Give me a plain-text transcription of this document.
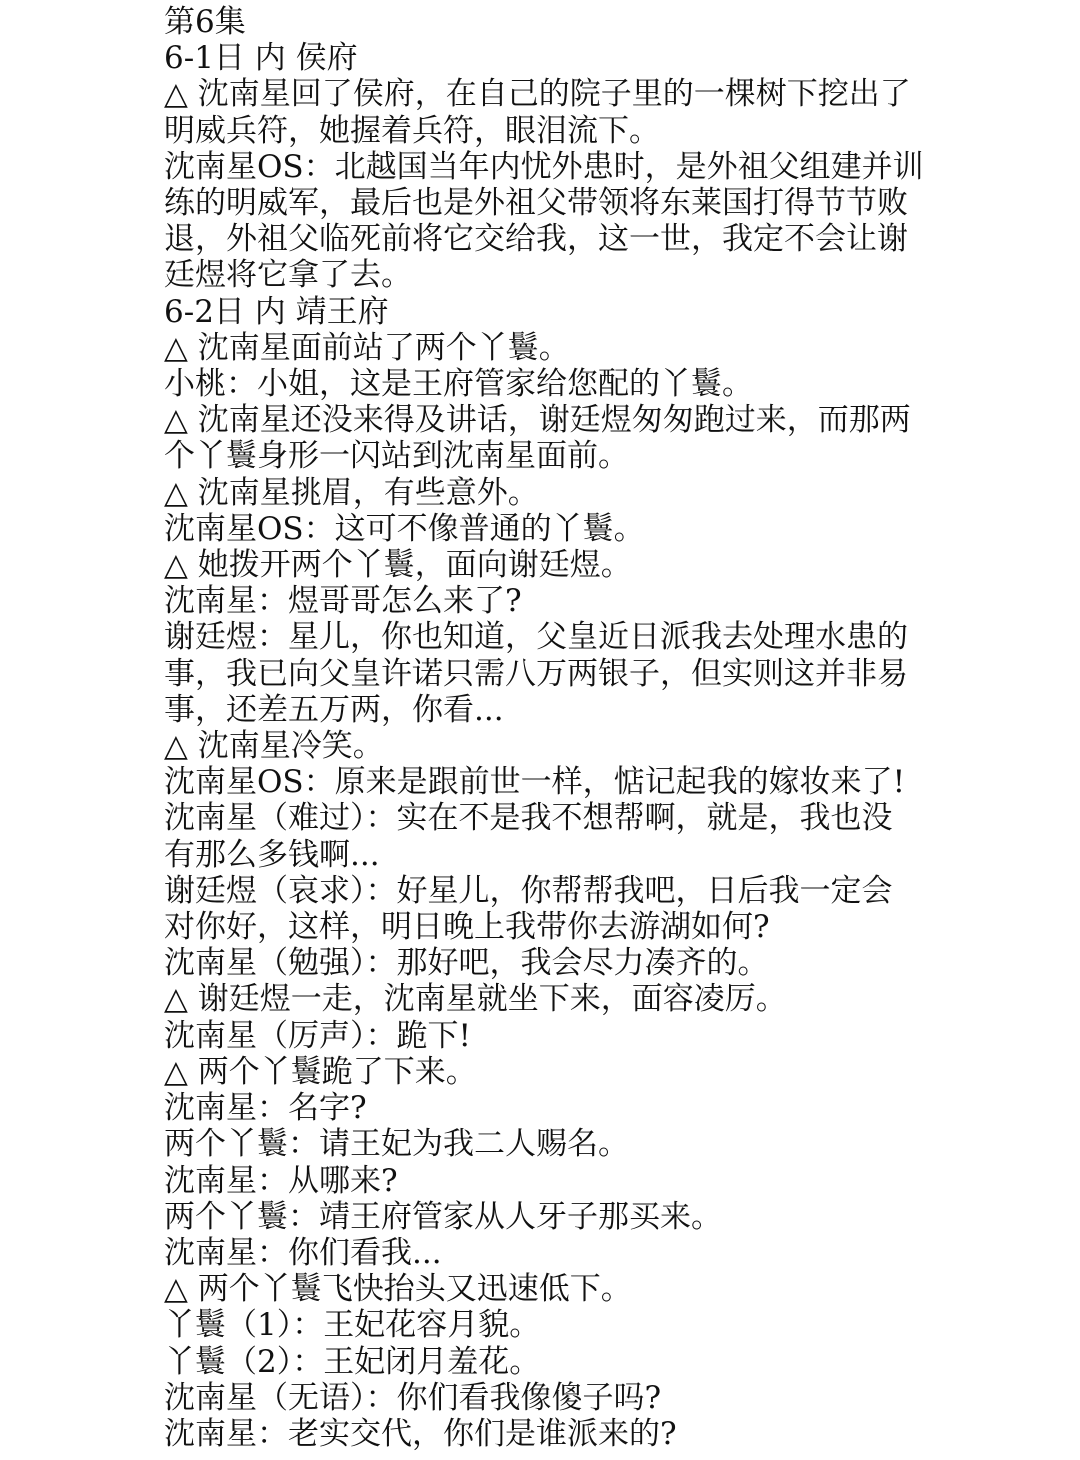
第6集
6-1日 内 侯府
△ 沈南星回了侯府，在自己的院子里的一棵树下挖出了
明威兵符，她握着兵符，眼泪流下。
沈南星OS：北越国当年内忧外患时，是外祖父组建并训
练的明威军，最后也是外祖父带领将东莱国打得节节败
退，外祖父临死前将它交给我，这一世，我定不会让谢
廷煜将它拿了去。
6-2日 内 靖王府
△ 沈南星面前站了两个丫鬟。
小桃：小姐，这是王府管家给您配的丫鬟。
△ 沈南星还没来得及讲话，谢廷煜匆匆跑过来，而那两
个丫鬟身形一闪站到沈南星面前。
△ 沈南星挑眉，有些意外。
沈南星OS：这可不像普通的丫鬟。
△ 她拨开两个丫鬟，面向谢廷煜。
沈南星：煜哥哥怎么来了?
谢廷煜：星儿，你也知道，父皇近日派我去处理水患的
事，我已向父皇许诺只需八万两银子，但实则这并非易
事，还差五万两，你看...
△ 沈南星冷笑。
沈南星OS：原来是跟前世一样，惦记起我的嫁妆来了!
沈南星（难过）：实在不是我不想帮啊，就是，我也没
有那么多钱啊...
谢廷煜（哀求）：好星儿，你帮帮我吧，日后我一定会
对你好，这样，明日晚上我带你去游湖如何?
沈南星（勉强）：那好吧，我会尽力凑齐的。
△ 谢廷煜一走，沈南星就坐下来，面容凌厉。
沈南星（厉声）：跪下!
△ 两个丫鬟跪了下来。
沈南星：名字?
两个丫鬟：请王妃为我二人赐名。
沈南星：从哪来?
两个丫鬟：靖王府管家从人牙子那买来。
沈南星：你们看我...
△ 两个丫鬟飞快抬头又迅速低下。
丫鬟（1）：王妃花容月貌。
丫鬟（2）：王妃闭月羞花。
沈南星（无语）：你们看我像傻子吗?
沈南星：老实交代，你们是谁派来的?
